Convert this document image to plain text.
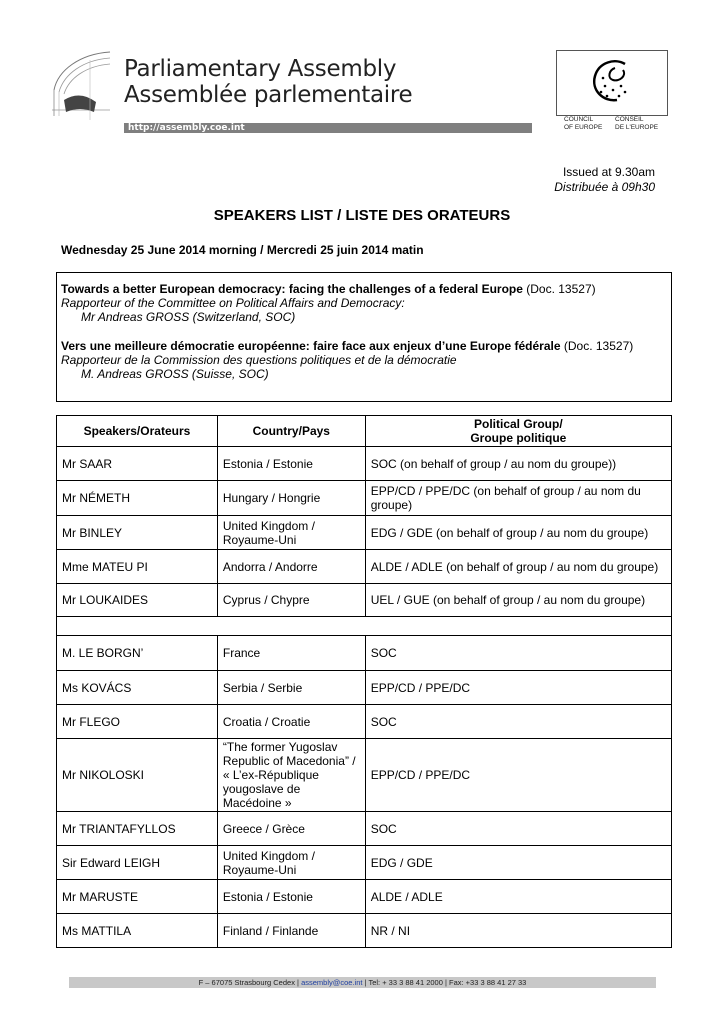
Parliamentary Assembly
Assemblée parlementaire
http://assembly.coe.int
COUNCIL
OF EUROPE
CONSEIL
DE L'EUROPE
Issued at 9.30am
Distribuée à 09h30
SPEAKERS LIST / LISTE DES ORATEURS
Wednesday 25 June 2014 morning / Mercredi 25 juin 2014 matin

Towards a better European democracy: facing the challenges of a federal Europe (Doc. 13527)

Rapporteur of the Committee on Political Affairs and Democracy:

Mr Andreas GROSS (Switzerland, SOC)

Vers une meilleure démocratie européenne: faire face aux enjeux d’une Europe fédérale (Doc. 13527)

Rapporteur de la Commission des questions politiques et de la démocratie

M. Andreas GROSS (Suisse, SOC)

Speakers/Orateurs	Country/Pays	Political Group/
Groupe politique
Mr SAAR	Estonia / Estonie	SOC (on behalf of group / au nom du groupe))
Mr NÉMETH	Hungary / Hongrie	EPP/CD / PPE/DC (on behalf of group / au nom du groupe)
Mr BINLEY	United Kingdom / Royaume-Uni	EDG / GDE (on behalf of group / au nom du groupe)
Mme MATEU PI	Andorra / Andorre	ALDE / ADLE (on behalf of group / au nom du groupe)
Mr LOUKAIDES	Cyprus / Chypre	UEL / GUE (on behalf of group / au nom du groupe)

M. LE BORGN’	France	SOC
Ms KOVÁCS	Serbia / Serbie	EPP/CD / PPE/DC
Mr FLEGO	Croatia / Croatie	SOC
Mr NIKOLOSKI	“The former Yugoslav Republic of Macedonia” / « L’ex-République yougoslave de Macédoine »	EPP/CD / PPE/DC
Mr TRIANTAFYLLOS	Greece / Grèce	SOC
Sir Edward LEIGH	United Kingdom / Royaume-Uni	EDG / GDE
Mr MARUSTE	Estonia / Estonie	ALDE / ADLE
Ms MATTILA	Finland / Finlande	NR / NI
F – 67075 Strasbourg Cedex | assembly@coe.int | Tel: + 33 3 88 41 2000 | Fax: +33 3 88 41 27 33
